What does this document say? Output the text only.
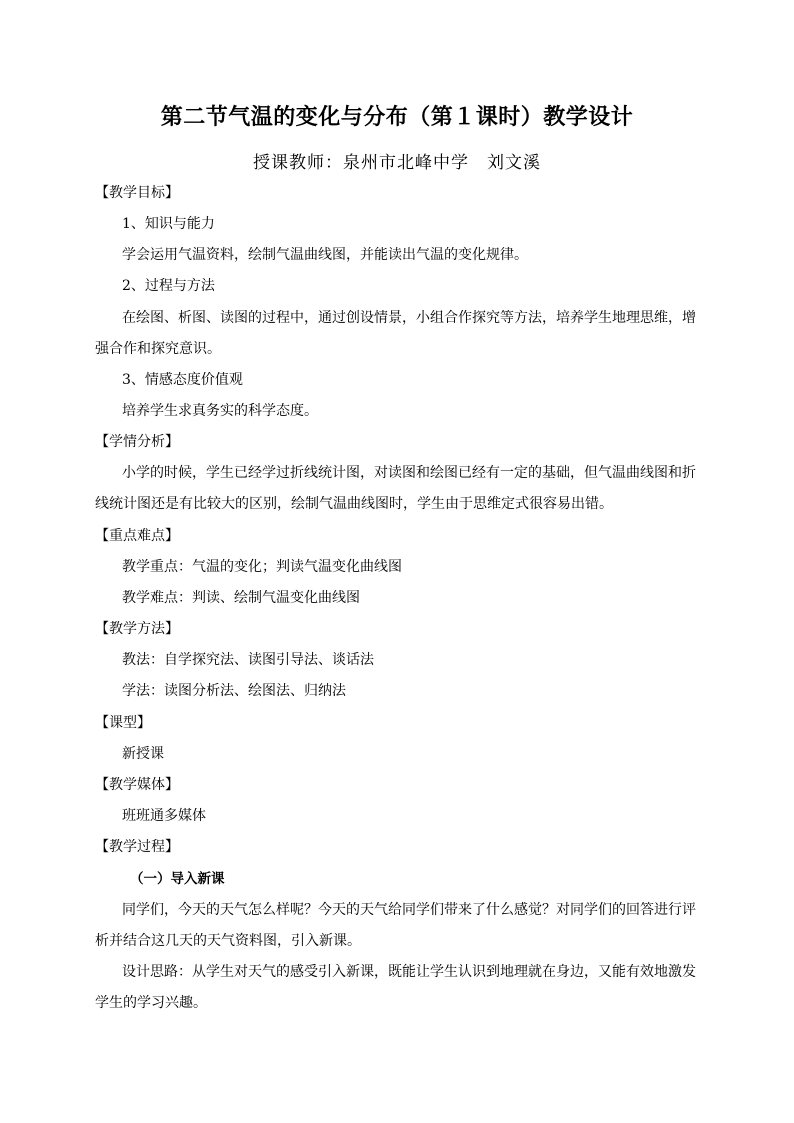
第二节气温的变化与分布（第１课时）教学设计
授课教师：泉州市北峰中学　刘文溪
【教学目标】
1、知识与能力
学会运用气温资料，绘制气温曲线图，并能读出气温的变化规律。
2、过程与方法
在绘图、析图、读图的过程中，通过创设情景，小组合作探究等方法，培养学生地理思维，增
强合作和探究意识。
3、情感态度价值观
培养学生求真务实的科学态度。
【学情分析】
小学的时候，学生已经学过折线统计图，对读图和绘图已经有一定的基础，但气温曲线图和折
线统计图还是有比较大的区别，绘制气温曲线图时，学生由于思维定式很容易出错。
【重点难点】
教学重点：气温的变化；判读气温变化曲线图
教学难点：判读、绘制气温变化曲线图
【教学方法】
教法：自学探究法、读图引导法、谈话法
学法：读图分析法、绘图法、归纳法
【课型】
新授课
【教学媒体】
班班通多媒体
【教学过程】
（一）导入新课
同学们，今天的天气怎么样呢？今天的天气给同学们带来了什么感觉？对同学们的回答进行评
析并结合这几天的天气资料图，引入新课。
设计思路：从学生对天气的感受引入新课，既能让学生认识到地理就在身边，又能有效地激发
学生的学习兴趣。
